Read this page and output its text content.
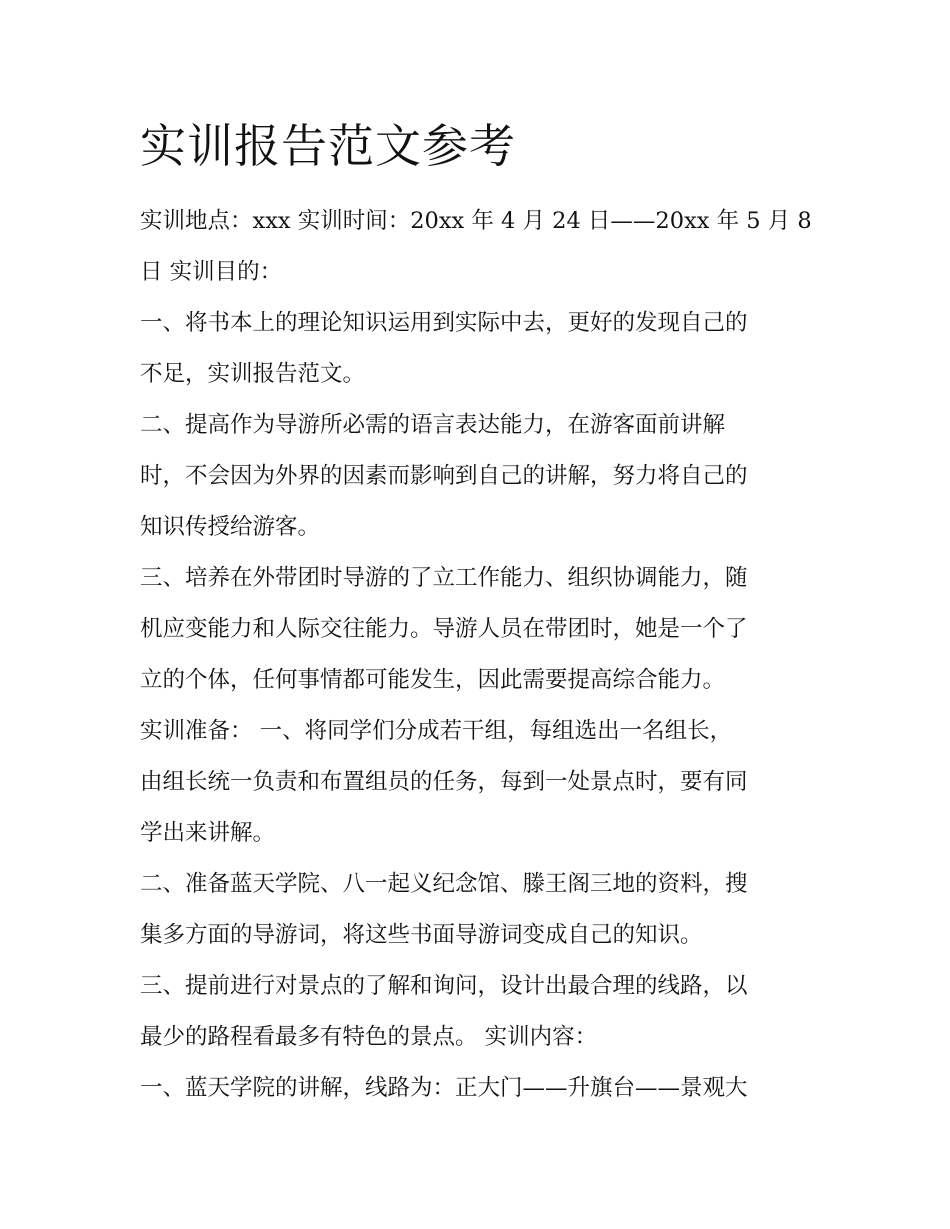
实训报告范文参考
实训地点：xxx 实训时间：20xx 年 4 月 24 日——20xx 年 5 月 8
日 实训目的：
一、将书本上的理论知识运用到实际中去，更好的发现自己的
不足，实训报告范文。
二、提高作为导游所必需的语言表达能力，在游客面前讲解
时，不会因为外界的因素而影响到自己的讲解，努力将自己的
知识传授给游客。
三、培养在外带团时导游的了立工作能力、组织协调能力，随
机应变能力和人际交往能力。导游人员在带团时，她是一个了
立的个体，任何事情都可能发生，因此需要提高综合能力。
实训准备： 一、将同学们分成若干组，每组选出一名组长，
由组长统一负责和布置组员的任务，每到一处景点时，要有同
学出来讲解。
二、准备蓝天学院、八一起义纪念馆、滕王阁三地的资料，搜
集多方面的导游词，将这些书面导游词变成自己的知识。
三、提前进行对景点的了解和询问，设计出最合理的线路，以
最少的路程看最多有特色的景点。 实训内容：
一、蓝天学院的讲解，线路为：正大门——升旗台——景观大
